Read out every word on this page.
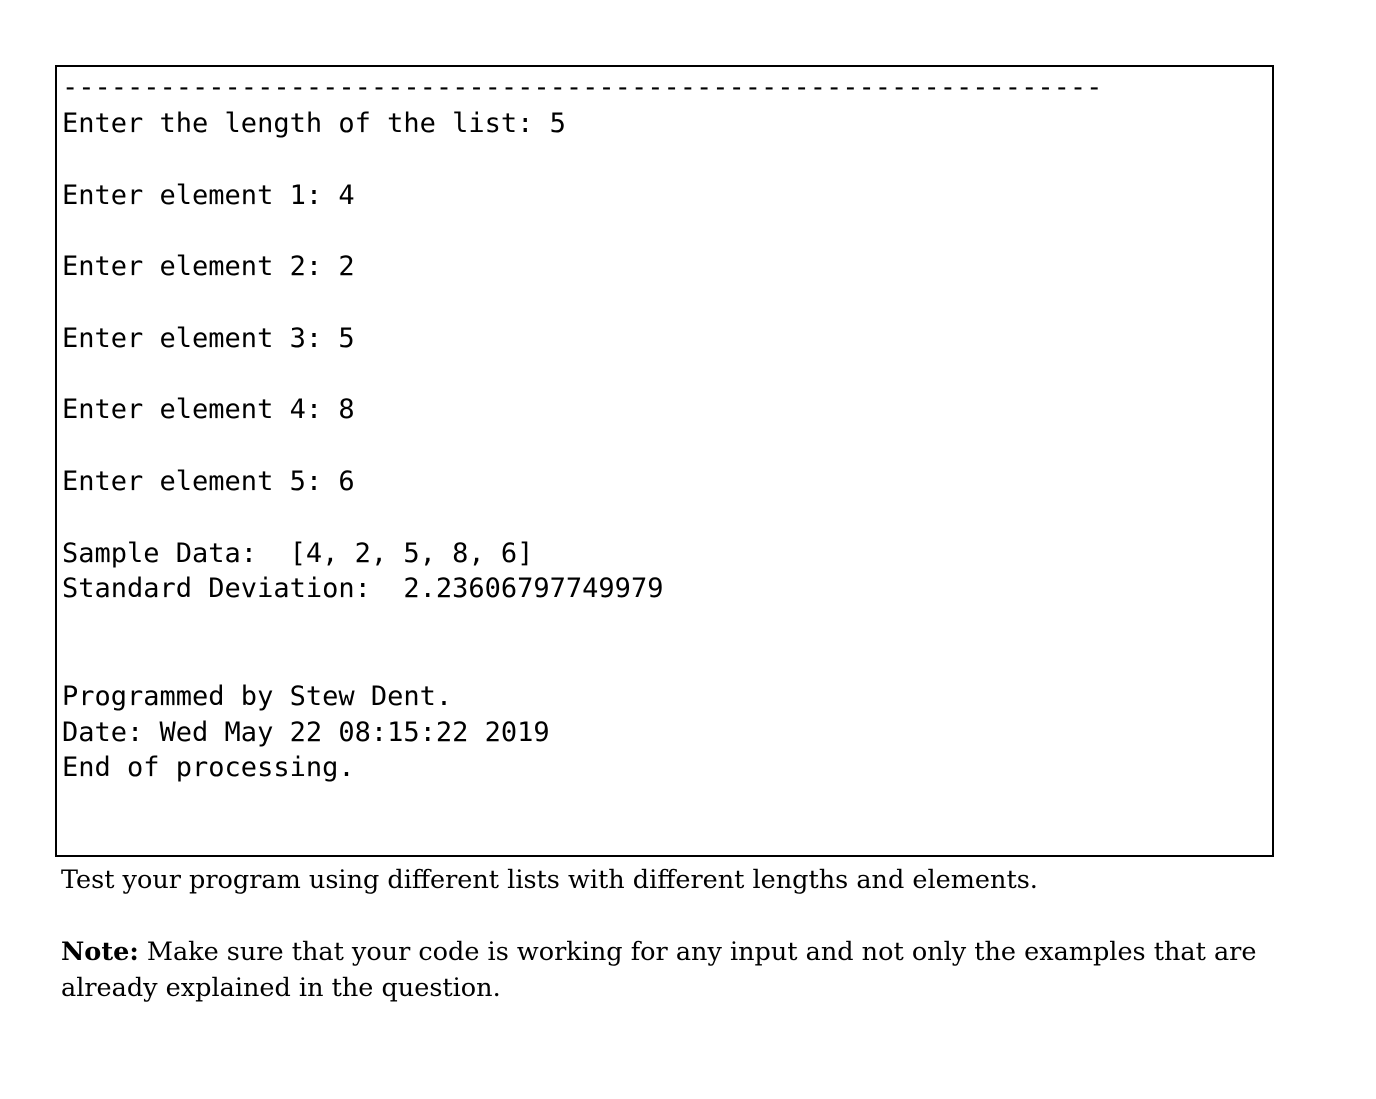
----------------------------------------------------------------

Enter the length of the list: 5

Enter element 1: 4

Enter element 2: 2

Enter element 3: 5

Enter element 4: 8

Enter element 5: 6

Sample Data:  [4, 2, 5, 8, 6]

Standard Deviation:  2.23606797749979

Programmed by Stew Dent.

Date: Wed May 22 08:15:22 2019

End of processing.

Test your program using different lists with different lengths and elements.

Note: Make sure that your code is working for any input and not only the examples that are

already explained in the question.
